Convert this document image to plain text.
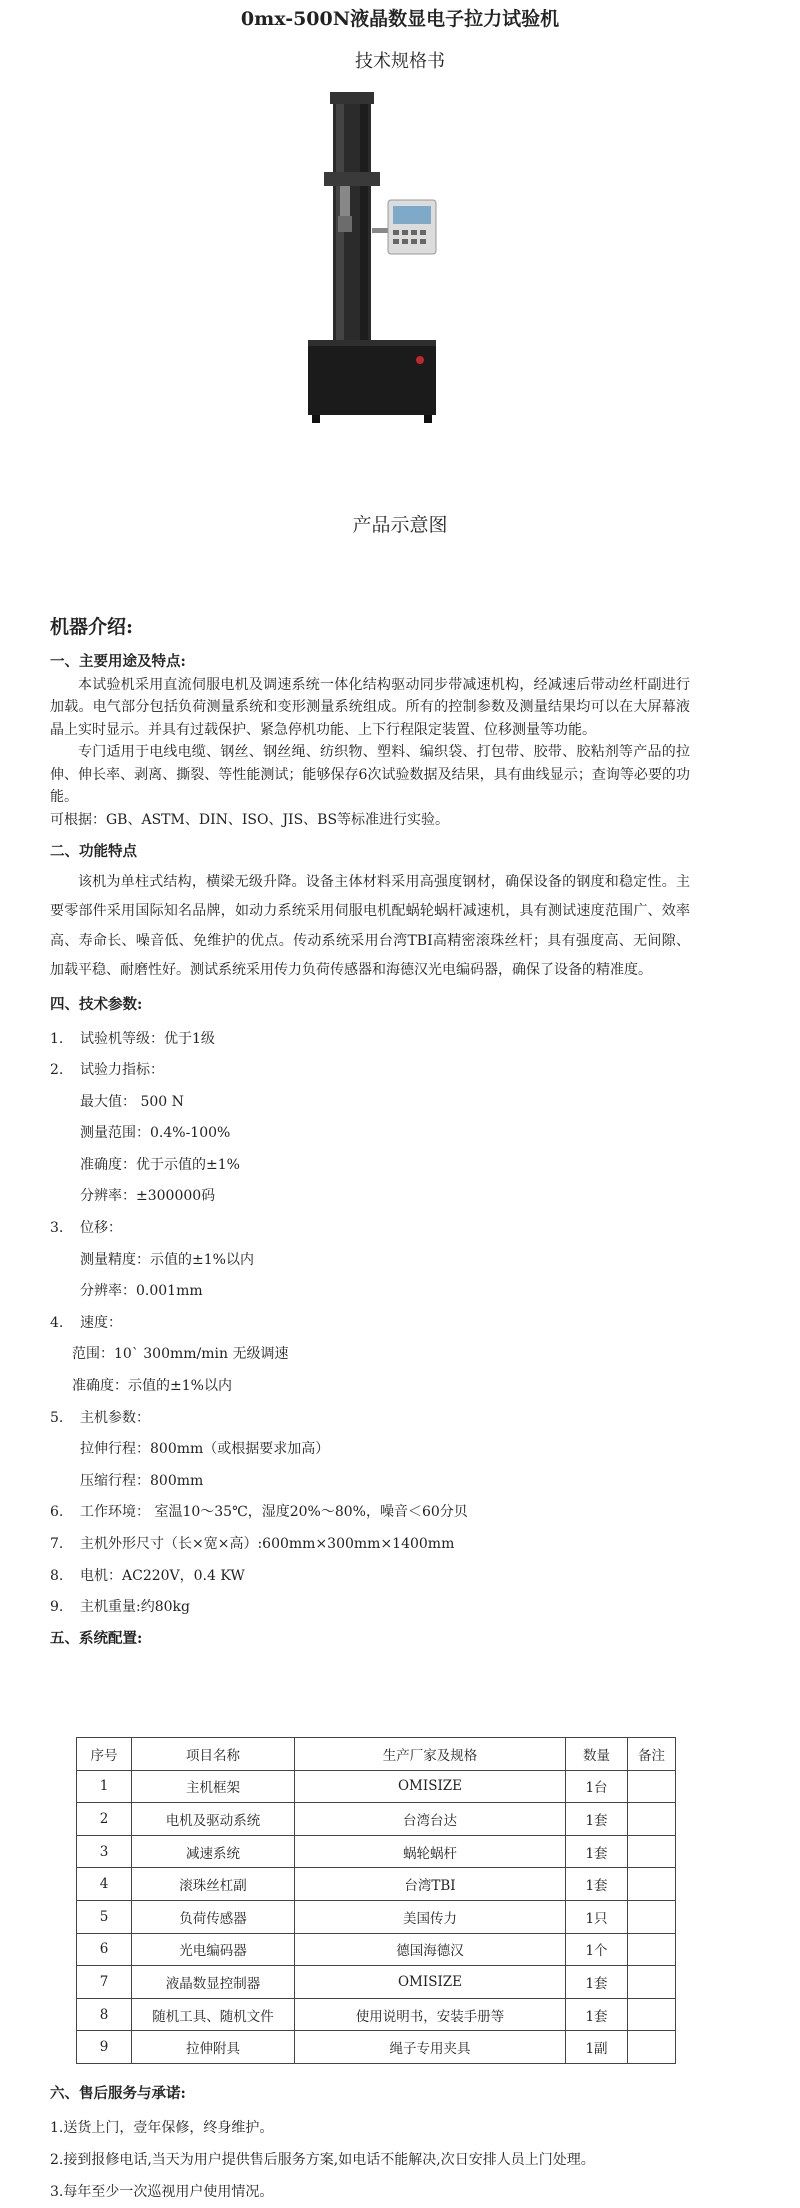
0mx-500N液晶数显电子拉力试验机
技术规格书
产品示意图
机器介绍:
一、主要用途及特点:
本试验机采用直流伺服电机及调速系统一体化结构驱动同步带减速机构，经减速后带动丝杆副进行加载。电气部分包括负荷测量系统和变形测量系统组成。所有的控制参数及测量结果均可以在大屏幕液晶上实时显示。并具有过载保护、紧急停机功能、上下行程限定装置、位移测量等功能。
专门适用于电线电缆、钢丝、钢丝绳、纺织物、塑料、编织袋、打包带、胶带、胶粘剂等产品的拉伸、伸长率、剥离、撕裂、等性能测试；能够保存6次试验数据及结果，具有曲线显示；查询等必要的功能。
可根据：GB、ASTM、DIN、ISO、JIS、BS等标准进行实验。
二、功能特点
该机为单柱式结构，横梁无级升降。设备主体材料采用高强度钢材，确保设备的钢度和稳定性。主要零部件采用国际知名品牌，如动力系统采用伺服电机配蜗轮蜗杆减速机，具有测试速度范围广、效率高、寿命长、噪音低、免维护的优点。传动系统采用台湾TBI高精密滚珠丝杆；具有强度高、无间隙、加载平稳、耐磨性好。测试系统采用传力负荷传感器和海德汉光电编码器，确保了设备的精准度。
四、技术参数:
1. 试验机等级：优于1级
2. 试验力指标：
最大值： 500 N
测量范围：0.4%-100%
准确度：优于示值的±1%
分辨率：±300000码
3. 位移：
测量精度：示值的±1%以内
分辨率：0.001mm
4. 速度：
范围：10` 300mm/min 无级调速
准确度：示值的±1%以内
5. 主机参数：
拉伸行程：800mm（或根据要求加高）
压缩行程：800mm
6. 工作环境： 室温10～35℃，湿度20%～80%，噪音＜60分贝
7. 主机外形尺寸（长×宽×高）:600mm×300mm×1400mm
8. 电机：AC220V，0.4 KW
9. 主机重量:约80kg
五、系统配置:
序号	项目名称	生产厂家及规格	数量	备注
1	主机框架	OMISIZE	1台	
2	电机及驱动系统	台湾台达	1套	
3	减速系统	蜗轮蜗杆	1套	
4	滚珠丝杠副	台湾TBI	1套	
5	负荷传感器	美国传力	1只	
6	光电编码器	德国海德汉	1个	
7	液晶数显控制器	OMISIZE	1套	
8	随机工具、随机文件	使用说明书，安装手册等	1套	
9	拉伸附具	绳子专用夹具	1副	
六、售后服务与承诺:
1.送货上门，壹年保修，终身维护。
2.接到报修电话,当天为用户提供售后服务方案,如电话不能解决,次日安排人员上门处理。
3.每年至少一次巡视用户使用情况。
